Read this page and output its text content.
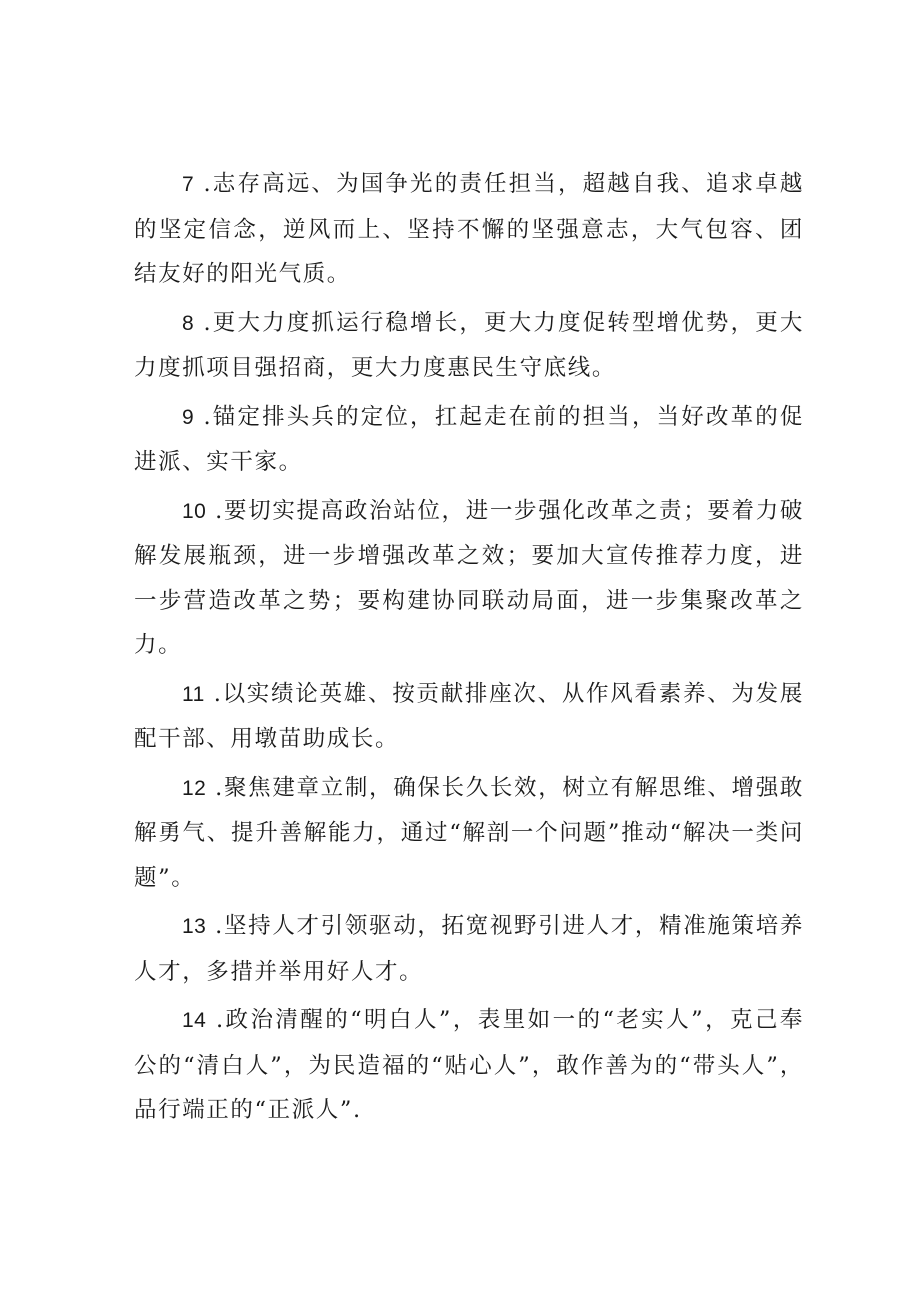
7 .志存高远、为国争光的责任担当，超越自我、追求卓越的坚定信念，逆风而上、坚持不懈的坚强意志，大气包容、团结友好的阳光气质。

8 .更大力度抓运行稳增长，更大力度促转型增优势，更大力度抓项目强招商，更大力度惠民生守底线。

9 .锚定排头兵的定位，扛起走在前的担当，当好改革的促进派、实干家。

10 .要切实提高政治站位，进一步强化改革之责；要着力破解发展瓶颈，进一步增强改革之效；要加大宣传推荐力度，进一步营造改革之势；要构建协同联动局面，进一步集聚改革之力。

11 .以实绩论英雄、按贡献排座次、从作风看素养、为发展配干部、用墩苗助成长。

12 .聚焦建章立制，确保长久长效，树立有解思维、增强敢解勇气、提升善解能力，通过“解剖一个问题”推动“解决一类问题”。

13 .坚持人才引领驱动，拓宽视野引进人才，精准施策培养人才，多措并举用好人才。

14 .政治清醒的“明白人”，表里如一的“老实人”，克己奉公的“清白人”，为民造福的“贴心人”，敢作善为的“带头人”，品行端正的“正派人”.
